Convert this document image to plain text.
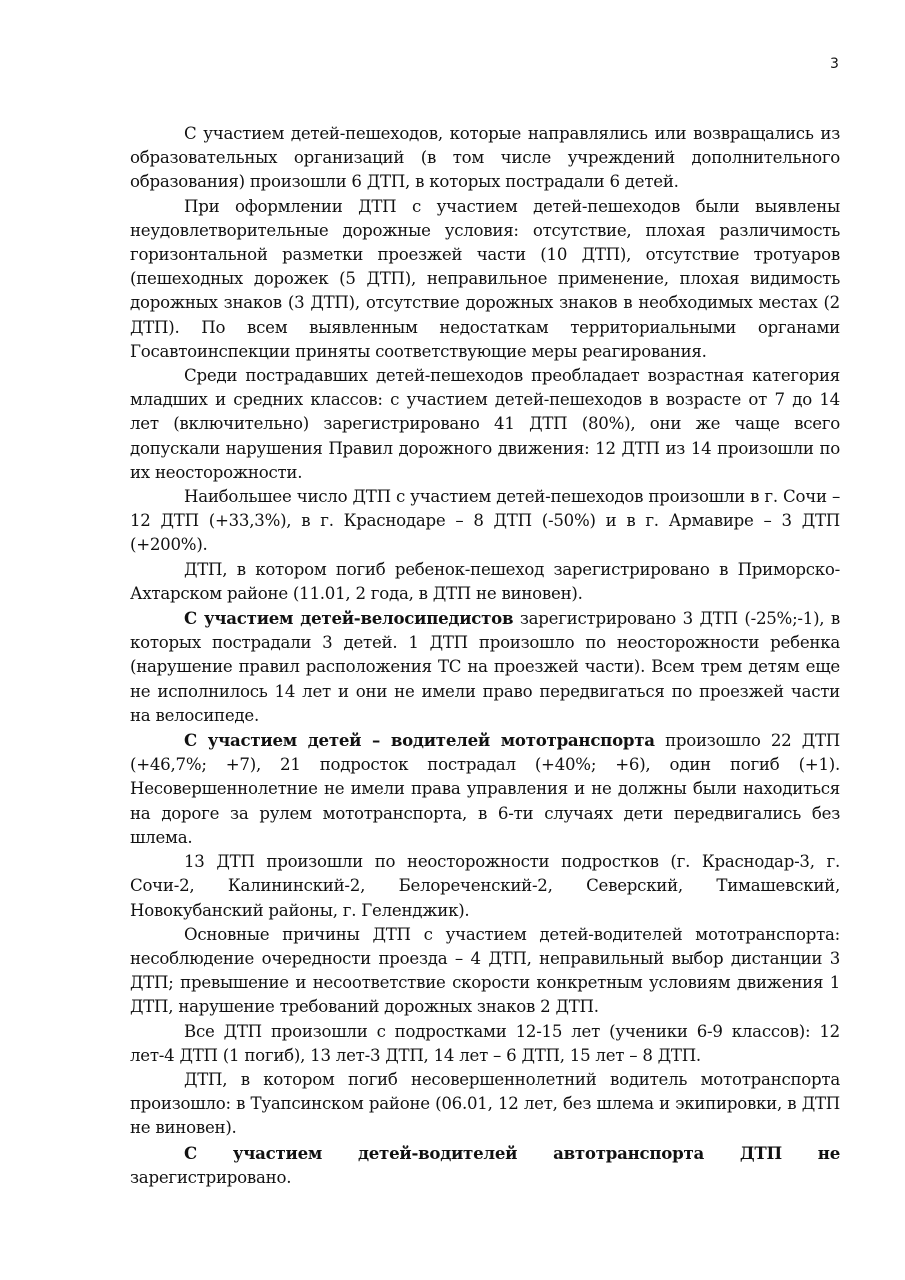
3

С участием детей-пешеходов, которые направлялись или возвращались из образовательных организаций (в том числе учреждений дополнительного образования) произошли 6 ДТП, в которых пострадали 6 детей.

При оформлении ДТП с участием детей-пешеходов были выявлены неудовлетворительные дорожные условия: отсутствие, плохая различимость горизонтальной разметки проезжей части (10 ДТП), отсутствие тротуаров (пешеходных дорожек (5 ДТП), неправильное применение, плохая видимость дорожных знаков (3 ДТП), отсутствие дорожных знаков в необходимых местах (2 ДТП). По всем выявленным недостаткам территориальными органами Госавтоинспекции приняты соответствующие меры реагирования.

Среди пострадавших детей-пешеходов преобладает возрастная категория младших и средних классов: с участием детей-пешеходов в возрасте от 7 до 14 лет (включительно) зарегистрировано 41 ДТП (80%), они же чаще всего допускали нарушения Правил дорожного движения: 12 ДТП из 14 произошли по их неосторожности.

Наибольшее число ДТП с участием детей-пешеходов произошли в г. Сочи – 12 ДТП (+33,3%), в г. Краснодаре – 8 ДТП (-50%) и в г. Армавире – 3 ДТП (+200%).

ДТП, в котором погиб ребенок-пешеход зарегистрировано в Приморско-Ахтарском районе (11.01, 2 года, в ДТП не виновен).

С участием детей-велосипедистов зарегистрировано 3 ДТП (-25%;-1), в которых пострадали 3 детей. 1 ДТП произошло по неосторожности ребенка (нарушение правил расположения ТС на проезжей части). Всем трем детям еще не исполнилось 14 лет и они не имели право передвигаться по проезжей части на велосипеде.

С участием детей – водителей мототранспорта произошло 22 ДТП (+46,7%; +7), 21 подросток пострадал (+40%; +6), один погиб (+1). Несовершеннолетние не имели права управления и не должны были находиться на дороге за рулем мототранспорта, в 6-ти случаях дети передвигались без шлема.

13 ДТП произошли по неосторожности подростков (г. Краснодар-3, г. Сочи-2, Калининский-2, Белореченский-2, Северский, Тимашевский, Новокубанский районы, г. Геленджик).

Основные причины ДТП с участием детей-водителей мототранспорта: несоблюдение очередности проезда – 4 ДТП, неправильный выбор дистанции 3 ДТП; превышение и несоответствие скорости конкретным условиям движения 1 ДТП, нарушение требований дорожных знаков 2 ДТП.

Все ДТП произошли с подростками 12-15 лет (ученики 6-9 классов): 12 лет-4 ДТП (1 погиб), 13 лет-3 ДТП, 14 лет – 6 ДТП, 15 лет – 8 ДТП.

ДТП, в котором погиб несовершеннолетний водитель мототранспорта произошло: в Туапсинском районе (06.01, 12 лет, без шлема и экипировки, в ДТП не виновен).

С участием детей-водителей автотранспорта ДТП не зарегистрировано.
